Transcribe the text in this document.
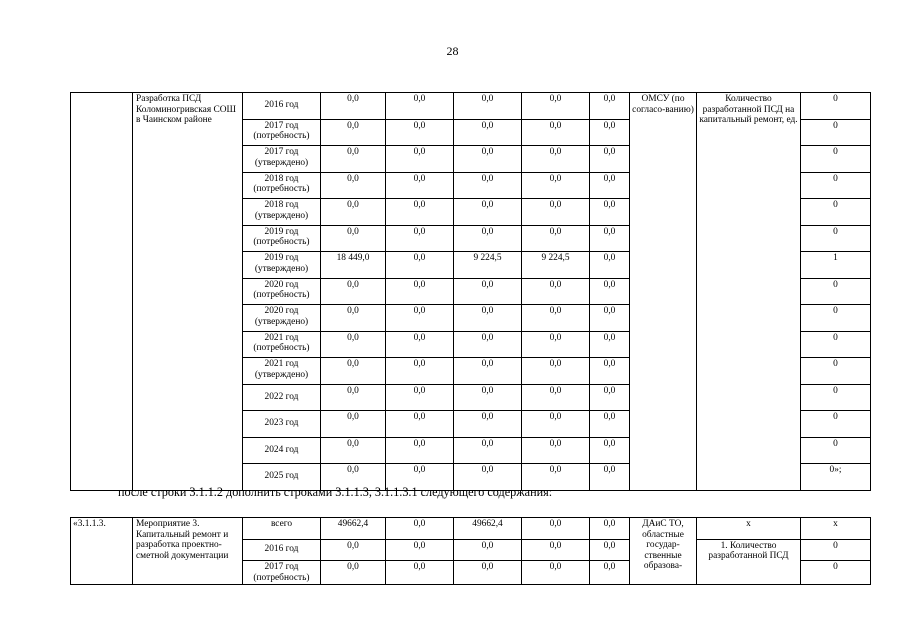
28
	Разработка ПСД Коломиногривская СОШ в Чаинском районе	2016 год	0,0	0,0	0,0	0,0	0,0	ОМСУ (по согласо-ванию)	Количество разработанной ПСД на капитальный ремонт, ед.	0
		2017 год (потребность)	0,0	0,0	0,0	0,0	0,0			0
		2017 год (утверждено)	0,0	0,0	0,0	0,0	0,0			0
		2018 год (потребность)	0,0	0,0	0,0	0,0	0,0			0
		2018 год (утверждено)	0,0	0,0	0,0	0,0	0,0			0
		2019 год (потребность)	0,0	0,0	0,0	0,0	0,0			0
		2019 год (утверждено)	18 449,0	0,0	9 224,5	9 224,5	0,0			1
		2020 год (потребность)	0,0	0,0	0,0	0,0	0,0			0
		2020 год (утверждено)	0,0	0,0	0,0	0,0	0,0			0
		2021 год (потребность)	0,0	0,0	0,0	0,0	0,0			0
		2021 год (утверждено)	0,0	0,0	0,0	0,0	0,0			0
		2022 год	0,0	0,0	0,0	0,0	0,0			0
		2023 год	0,0	0,0	0,0	0,0	0,0			0
		2024 год	0,0	0,0	0,0	0,0	0,0			0
		2025 год	0,0	0,0	0,0	0,0	0,0			0»;
после строки 3.1.1.2 дополнить строками 3.1.1.3, 3.1.1.3.1 следующего содержания:
«3.1.1.3.	Мероприятие 3. Капитальный ремонт и разработка проектно-сметной документации	всего	49662,4	0,0	49662,4	0,0	0,0	ДАиС ТО, областные государ-ственные образова-	x	x
		2016 год	0,0	0,0	0,0	0,0	0,0		1. Количество разработанной ПСД	0
		2017 год (потребность)	0,0	0,0	0,0	0,0	0,0			0
